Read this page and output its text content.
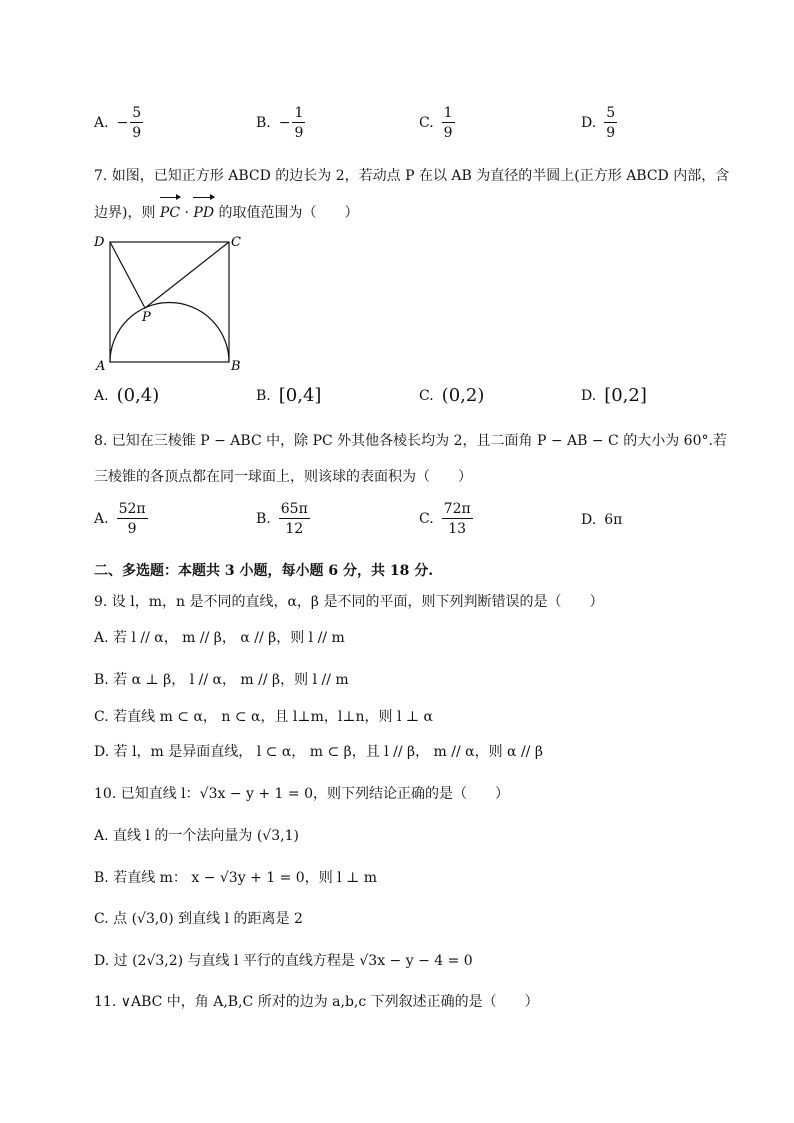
A. − $\frac{5}{9}$	B. − $\frac{1}{9}$	C. $\frac{1}{9}$	D. $\frac{5}{9}$
7. 如图，已知正方形 ABCD 的边长为 2，若动点 P 在以 AB 为直径的半圆上(正方形 ABCD 内部，含
边界)，则
PC ·
PD 的取值范围为（　　）
D	C
P
A	B
A. (0,4)	B. [0,4]	C. (0,2)	D. [0,2]
8. 已知在三棱锥 P − ABC 中，除 PC 外其他各棱长均为 2，且二面角 P − AB − C 的大小为 60°.若
三棱锥的各顶点都在同一球面上，则该球的表面积为（　　）
A. $\frac{52\pi}{9}$	B. $\frac{65\pi}{12}$	C. $\frac{72\pi}{13}$	D. 6π
二、多选题：本题共 3 小题，每小题 6 分，共 18 分.
9. 设 l，m，n 是不同的直线，α，β 是不同的平面，则下列判断错误的是（　　）
A. 若 l // α， m // β， α // β，则 l // m
B. 若 α ⊥ β， l // α， m // β，则 l // m
C. 若直线 m ⊂ α， n ⊂ α，且 l⊥m，l⊥n，则 l ⊥ α
D. 若 l，m 是异面直线， l ⊂ α， m ⊂ β，且 l // β， m // α，则 α // β
10. 已知直线 l：√3x − y + 1 = 0，则下列结论正确的是（　　）
A. 直线 l 的一个法向量为 (√3,1)
B. 若直线 m： x − √3y + 1 = 0，则 l ⊥ m
C. 点 (√3,0) 到直线 l 的距离是 2
D. 过 (2√3,2) 与直线 l 平行的直线方程是 √3x − y − 4 = 0
11. ∨ABC 中，角 A,B,C 所对的边为 a,b,c 下列叙述正确的是（　　）
